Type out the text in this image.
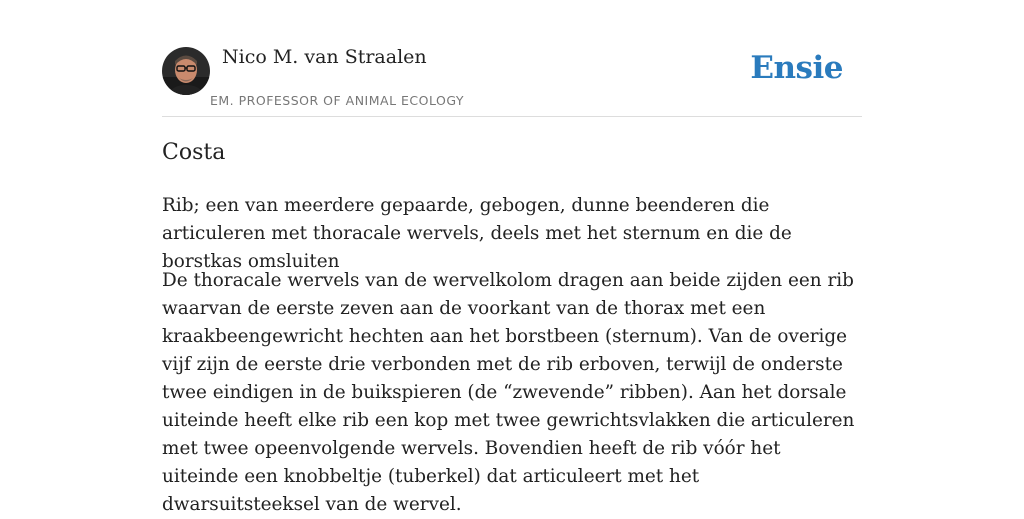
Nico M. van Straalen
EM. PROFESSOR OF ANIMAL ECOLOGY
Ensie
Costa

Rib; een van meerdere gepaarde, gebogen, dunne beenderen die articuleren met thoracale wervels, deels met het sternum en die de borstkas omsluiten

De thoracale wervels van de wervelkolom dragen aan beide zijden een rib waarvan de eerste zeven aan de voorkant van de thorax met een kraakbeengewricht hechten aan het borstbeen (sternum). Van de overige vijf zijn de eerste drie verbonden met de rib erboven, terwijl de onderste twee eindigen in de buikspieren (de “zwevende” ribben). Aan het dorsale uiteinde heeft elke rib een kop met twee gewrichtsvlakken die articuleren met twee opeenvolgende wervels. Bovendien heeft de rib vóór het uiteinde een knobbeltje (tuberkel) dat articuleert met het dwarsuitsteeksel van de wervel.
